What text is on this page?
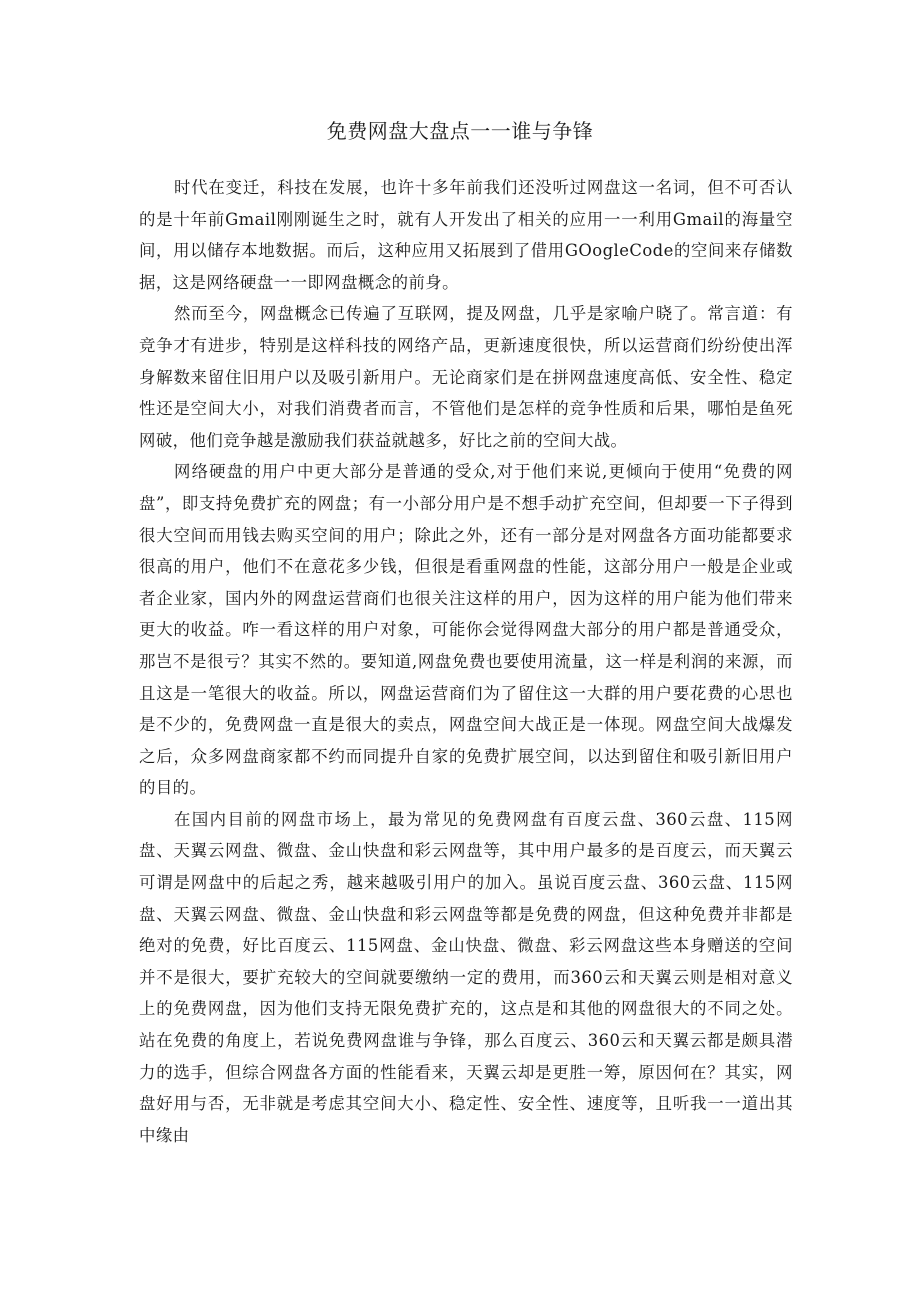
免费网盘大盘点一一谁与争锋

时代在变迁，科技在发展，也许十多年前我们还没听过网盘这一名词，但不可否认的是十年前Gmail刚刚诞生之时，就有人开发出了相关的应用一一利用Gmail的海量空间，用以储存本地数据。而后，这种应用又拓展到了借用GOogleCode的空间来存储数据，这是网络硬盘一一即网盘概念的前身。

然而至今，网盘概念已传遍了互联网，提及网盘，几乎是家喻户晓了。常言道：有竞争才有进步，特别是这样科技的网络产品，更新速度很快，所以运营商们纷纷使出浑身解数来留住旧用户以及吸引新用户。无论商家们是在拼网盘速度高低、安全性、稳定性还是空间大小，对我们消费者而言，不管他们是怎样的竞争性质和后果，哪怕是鱼死网破，他们竞争越是激励我们获益就越多，好比之前的空间大战。

网络硬盘的用户中更大部分是普通的受众,对于他们来说,更倾向于使用“免费的网盘”，即支持免费扩充的网盘；有一小部分用户是不想手动扩充空间，但却要一下子得到很大空间而用钱去购买空间的用户；除此之外，还有一部分是对网盘各方面功能都要求很高的用户，他们不在意花多少钱，但很是看重网盘的性能，这部分用户一般是企业或者企业家，国内外的网盘运营商们也很关注这样的用户，因为这样的用户能为他们带来更大的收益。咋一看这样的用户对象，可能你会觉得网盘大部分的用户都是普通受众，那岂不是很亏？其实不然的。要知道,网盘免费也要使用流量，这一样是利润的来源，而且这是一笔很大的收益。所以，网盘运营商们为了留住这一大群的用户要花费的心思也是不少的，免费网盘一直是很大的卖点，网盘空间大战正是一体现。网盘空间大战爆发之后，众多网盘商家都不约而同提升自家的免费扩展空间，以达到留住和吸引新旧用户的目的。

在国内目前的网盘市场上，最为常见的免费网盘有百度云盘、360云盘、115网盘、天翼云网盘、微盘、金山快盘和彩云网盘等，其中用户最多的是百度云，而天翼云可谓是网盘中的后起之秀，越来越吸引用户的加入。虽说百度云盘、360云盘、115网盘、天翼云网盘、微盘、金山快盘和彩云网盘等都是免费的网盘，但这种免费并非都是绝对的免费，好比百度云、115网盘、金山快盘、微盘、彩云网盘这些本身赠送的空间并不是很大，要扩充较大的空间就要缴纳一定的费用，而360云和天翼云则是相对意义上的免费网盘，因为他们支持无限免费扩充的，这点是和其他的网盘很大的不同之处。站在免费的角度上，若说免费网盘谁与争锋，那么百度云、360云和天翼云都是颇具潜力的选手，但综合网盘各方面的性能看来，天翼云却是更胜一筹，原因何在？其实，网盘好用与否，无非就是考虑其空间大小、稳定性、安全性、速度等，且听我一一道出其中缘由
